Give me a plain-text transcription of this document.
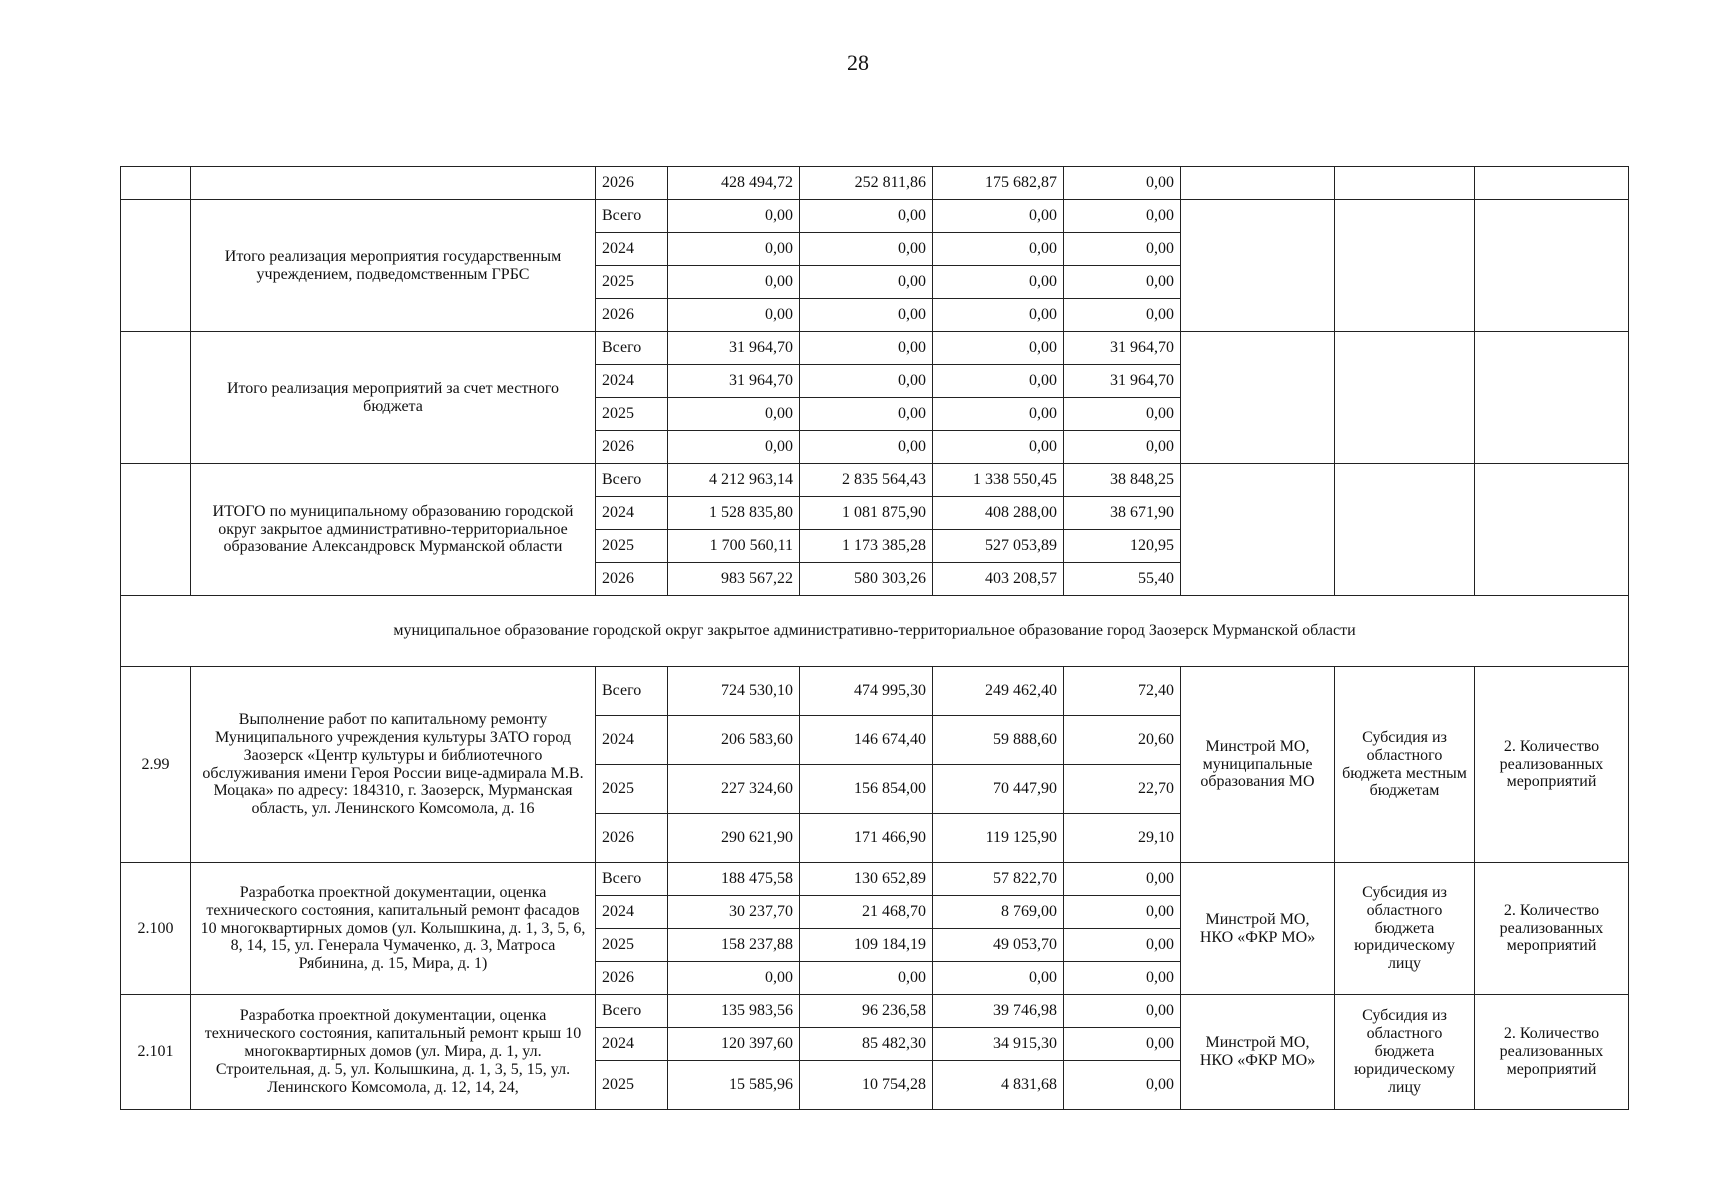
28
		2026	428 494,72	252 811,86	175 682,87	0,00			
	Итого реализация мероприятия государственным учреждением, подведомственным ГРБС	Всего	0,00	0,00	0,00	0,00			
		2024	0,00	0,00	0,00	0,00			
		2025	0,00	0,00	0,00	0,00			
		2026	0,00	0,00	0,00	0,00			
	Итого реализация мероприятий за счет местного бюджета	Всего	31 964,70	0,00	0,00	31 964,70			
		2024	31 964,70	0,00	0,00	31 964,70			
		2025	0,00	0,00	0,00	0,00			
		2026	0,00	0,00	0,00	0,00			
	ИТОГО по муниципальному образованию городской округ закрытое административно-территориальное образование Александровск Мурманской области	Всего	4 212 963,14	2 835 564,43	1 338 550,45	38 848,25			
		2024	1 528 835,80	1 081 875,90	408 288,00	38 671,90			
		2025	1 700 560,11	1 173 385,28	527 053,89	120,95			
		2026	983 567,22	580 303,26	403 208,57	55,40			
муниципальное образование городской округ закрытое административно-территориальное образование город Заозерск Мурманской области									
2.99	Выполнение работ по капитальному ремонту Муниципального учреждения культуры ЗАТО город Заозерск «Центр культуры и библиотечного обслуживания имени Героя России вице-адмирала М.В. Моцака» по адресу: 184310, г. Заозерск, Мурманская область, ул. Ленинского Комсомола, д. 16	Всего	724 530,10	474 995,30	249 462,40	72,40	Минстрой МО, муниципальные образования МО	Субсидия из областного бюджета местным бюджетам	2. Количество реализованных мероприятий
		2024	206 583,60	146 674,40	59 888,60	20,60			
		2025	227 324,60	156 854,00	70 447,90	22,70			
		2026	290 621,90	171 466,90	119 125,90	29,10			
2.100	Разработка проектной документации, оценка технического состояния, капитальный ремонт фасадов 10 многоквартирных домов (ул. Колышкина, д. 1, 3, 5, 6, 8, 14, 15, ул. Генерала Чумаченко, д. 3, Матроса Рябинина, д. 15, Мира, д. 1)	Всего	188 475,58	130 652,89	57 822,70	0,00	Минстрой МО, НКО «ФКР МО»	Субсидия из областного бюджета юридическому лицу	2. Количество реализованных мероприятий
		2024	30 237,70	21 468,70	8 769,00	0,00			
		2025	158 237,88	109 184,19	49 053,70	0,00			
		2026	0,00	0,00	0,00	0,00			
2.101	Разработка проектной документации, оценка технического состояния, капитальный ремонт крыш 10 многоквартирных домов (ул. Мира, д. 1, ул. Строительная, д. 5, ул. Колышкина, д. 1, 3, 5, 15, ул. Ленинского Комсомола, д. 12, 14, 24,	Всего	135 983,56	96 236,58	39 746,98	0,00	Минстрой МО, НКО «ФКР МО»	Субсидия из областного бюджета юридическому лицу	2. Количество реализованных мероприятий
		2024	120 397,60	85 482,30	34 915,30	0,00			
		2025	15 585,96	10 754,28	4 831,68	0,00			
